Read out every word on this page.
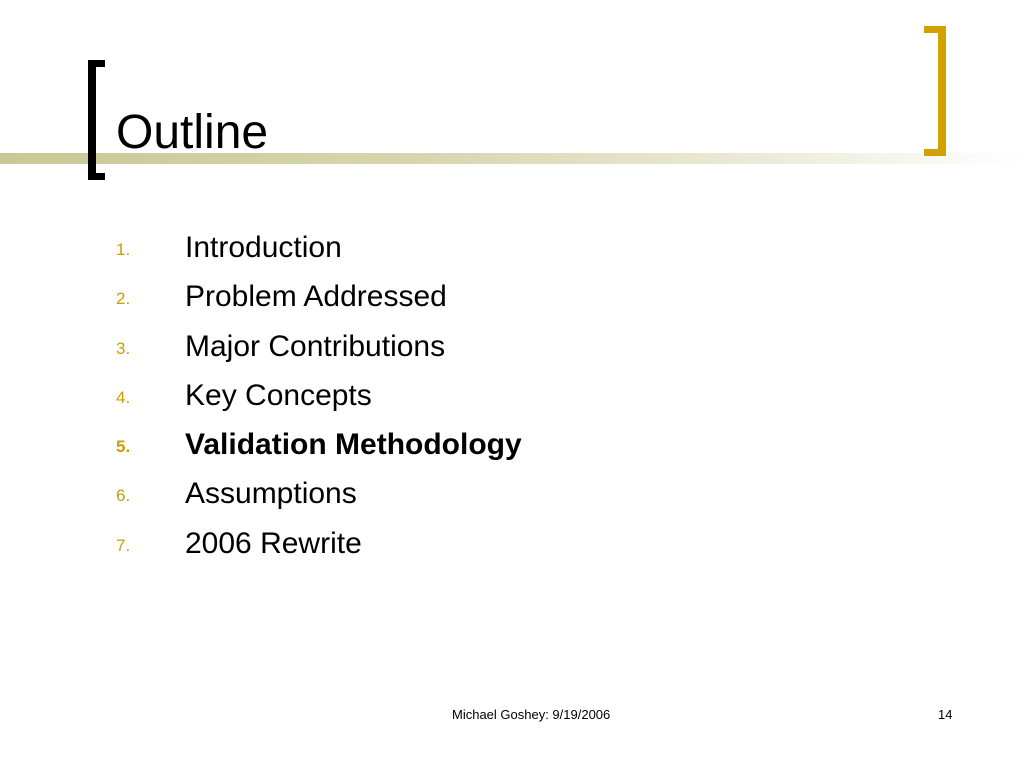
Outline
1. Introduction
2. Problem Addressed
3. Major Contributions
4. Key Concepts
5. Validation Methodology
6. Assumptions
7. 2006 Rewrite
Michael Goshey: 9/19/2006	14
